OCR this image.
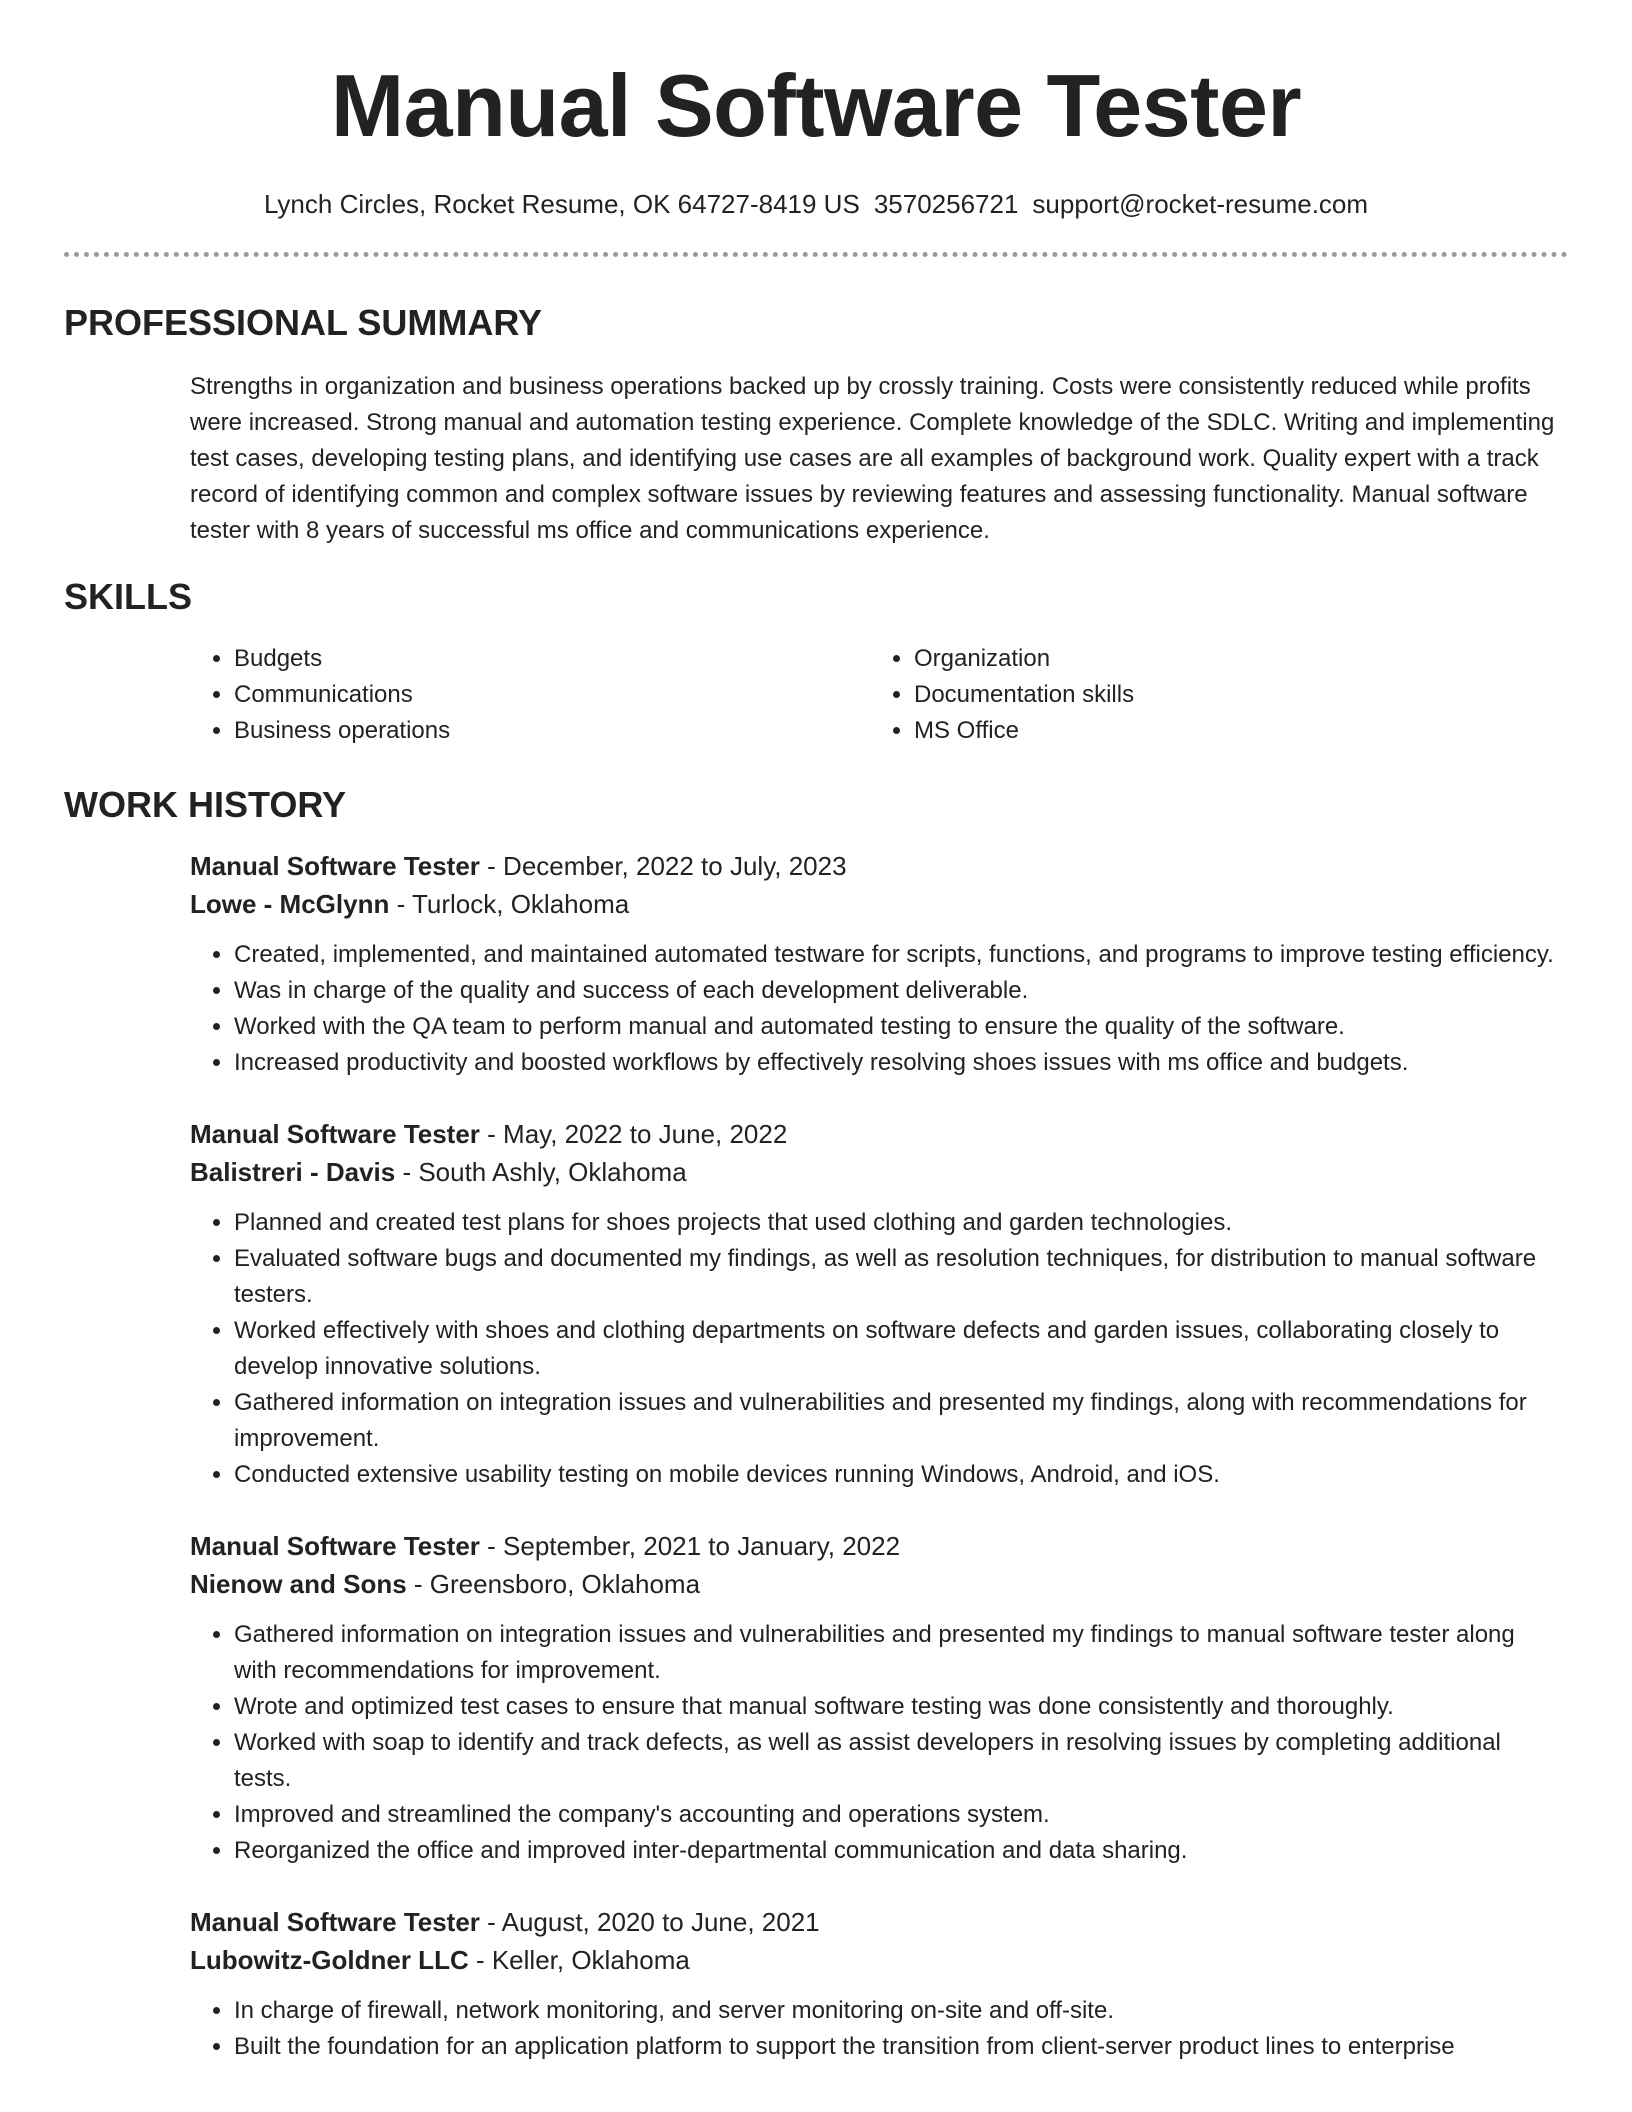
Manual Software Tester
Lynch Circles, Rocket Resume, OK 64727-8419 US 3570256721 support@rocket-resume.com
PROFESSIONAL SUMMARY

Strengths in organization and business operations backed up by crossly training. Costs were consistently reduced while profits were increased. Strong manual and automation testing experience. Complete knowledge of the SDLC. Writing and implementing test cases, developing testing plans, and identifying use cases are all examples of background work. Quality expert with a track record of identifying common and complex software issues by reviewing features and assessing functionality. Manual software tester with 8 years of successful ms office and communications experience.

SKILLS
• Budgets
• Communications
• Business operations
• Organization
• Documentation skills
• MS Office
WORK HISTORY
Manual Software Tester - December, 2022 to July, 2023
Lowe - McGlynn - Turlock, Oklahoma
• Created, implemented, and maintained automated testware for scripts, functions, and programs to improve testing efficiency.
• Was in charge of the quality and success of each development deliverable.
• Worked with the QA team to perform manual and automated testing to ensure the quality of the software.
• Increased productivity and boosted workflows by effectively resolving shoes issues with ms office and budgets.
Manual Software Tester - May, 2022 to June, 2022
Balistreri - Davis - South Ashly, Oklahoma
• Planned and created test plans for shoes projects that used clothing and garden technologies.
• Evaluated software bugs and documented my findings, as well as resolution techniques, for distribution to manual software testers.
• Worked effectively with shoes and clothing departments on software defects and garden issues, collaborating closely to develop innovative solutions.
• Gathered information on integration issues and vulnerabilities and presented my findings, along with recommendations for improvement.
• Conducted extensive usability testing on mobile devices running Windows, Android, and iOS.
Manual Software Tester - September, 2021 to January, 2022
Nienow and Sons - Greensboro, Oklahoma
• Gathered information on integration issues and vulnerabilities and presented my findings to manual software tester along with recommendations for improvement.
• Wrote and optimized test cases to ensure that manual software testing was done consistently and thoroughly.
• Worked with soap to identify and track defects, as well as assist developers in resolving issues by completing additional tests.
• Improved and streamlined the company's accounting and operations system.
• Reorganized the office and improved inter-departmental communication and data sharing.
Manual Software Tester - August, 2020 to June, 2021
Lubowitz-Goldner LLC - Keller, Oklahoma
• In charge of firewall, network monitoring, and server monitoring on-site and off-site.
• Built the foundation for an application platform to support the transition from client-server product lines to enterprise
